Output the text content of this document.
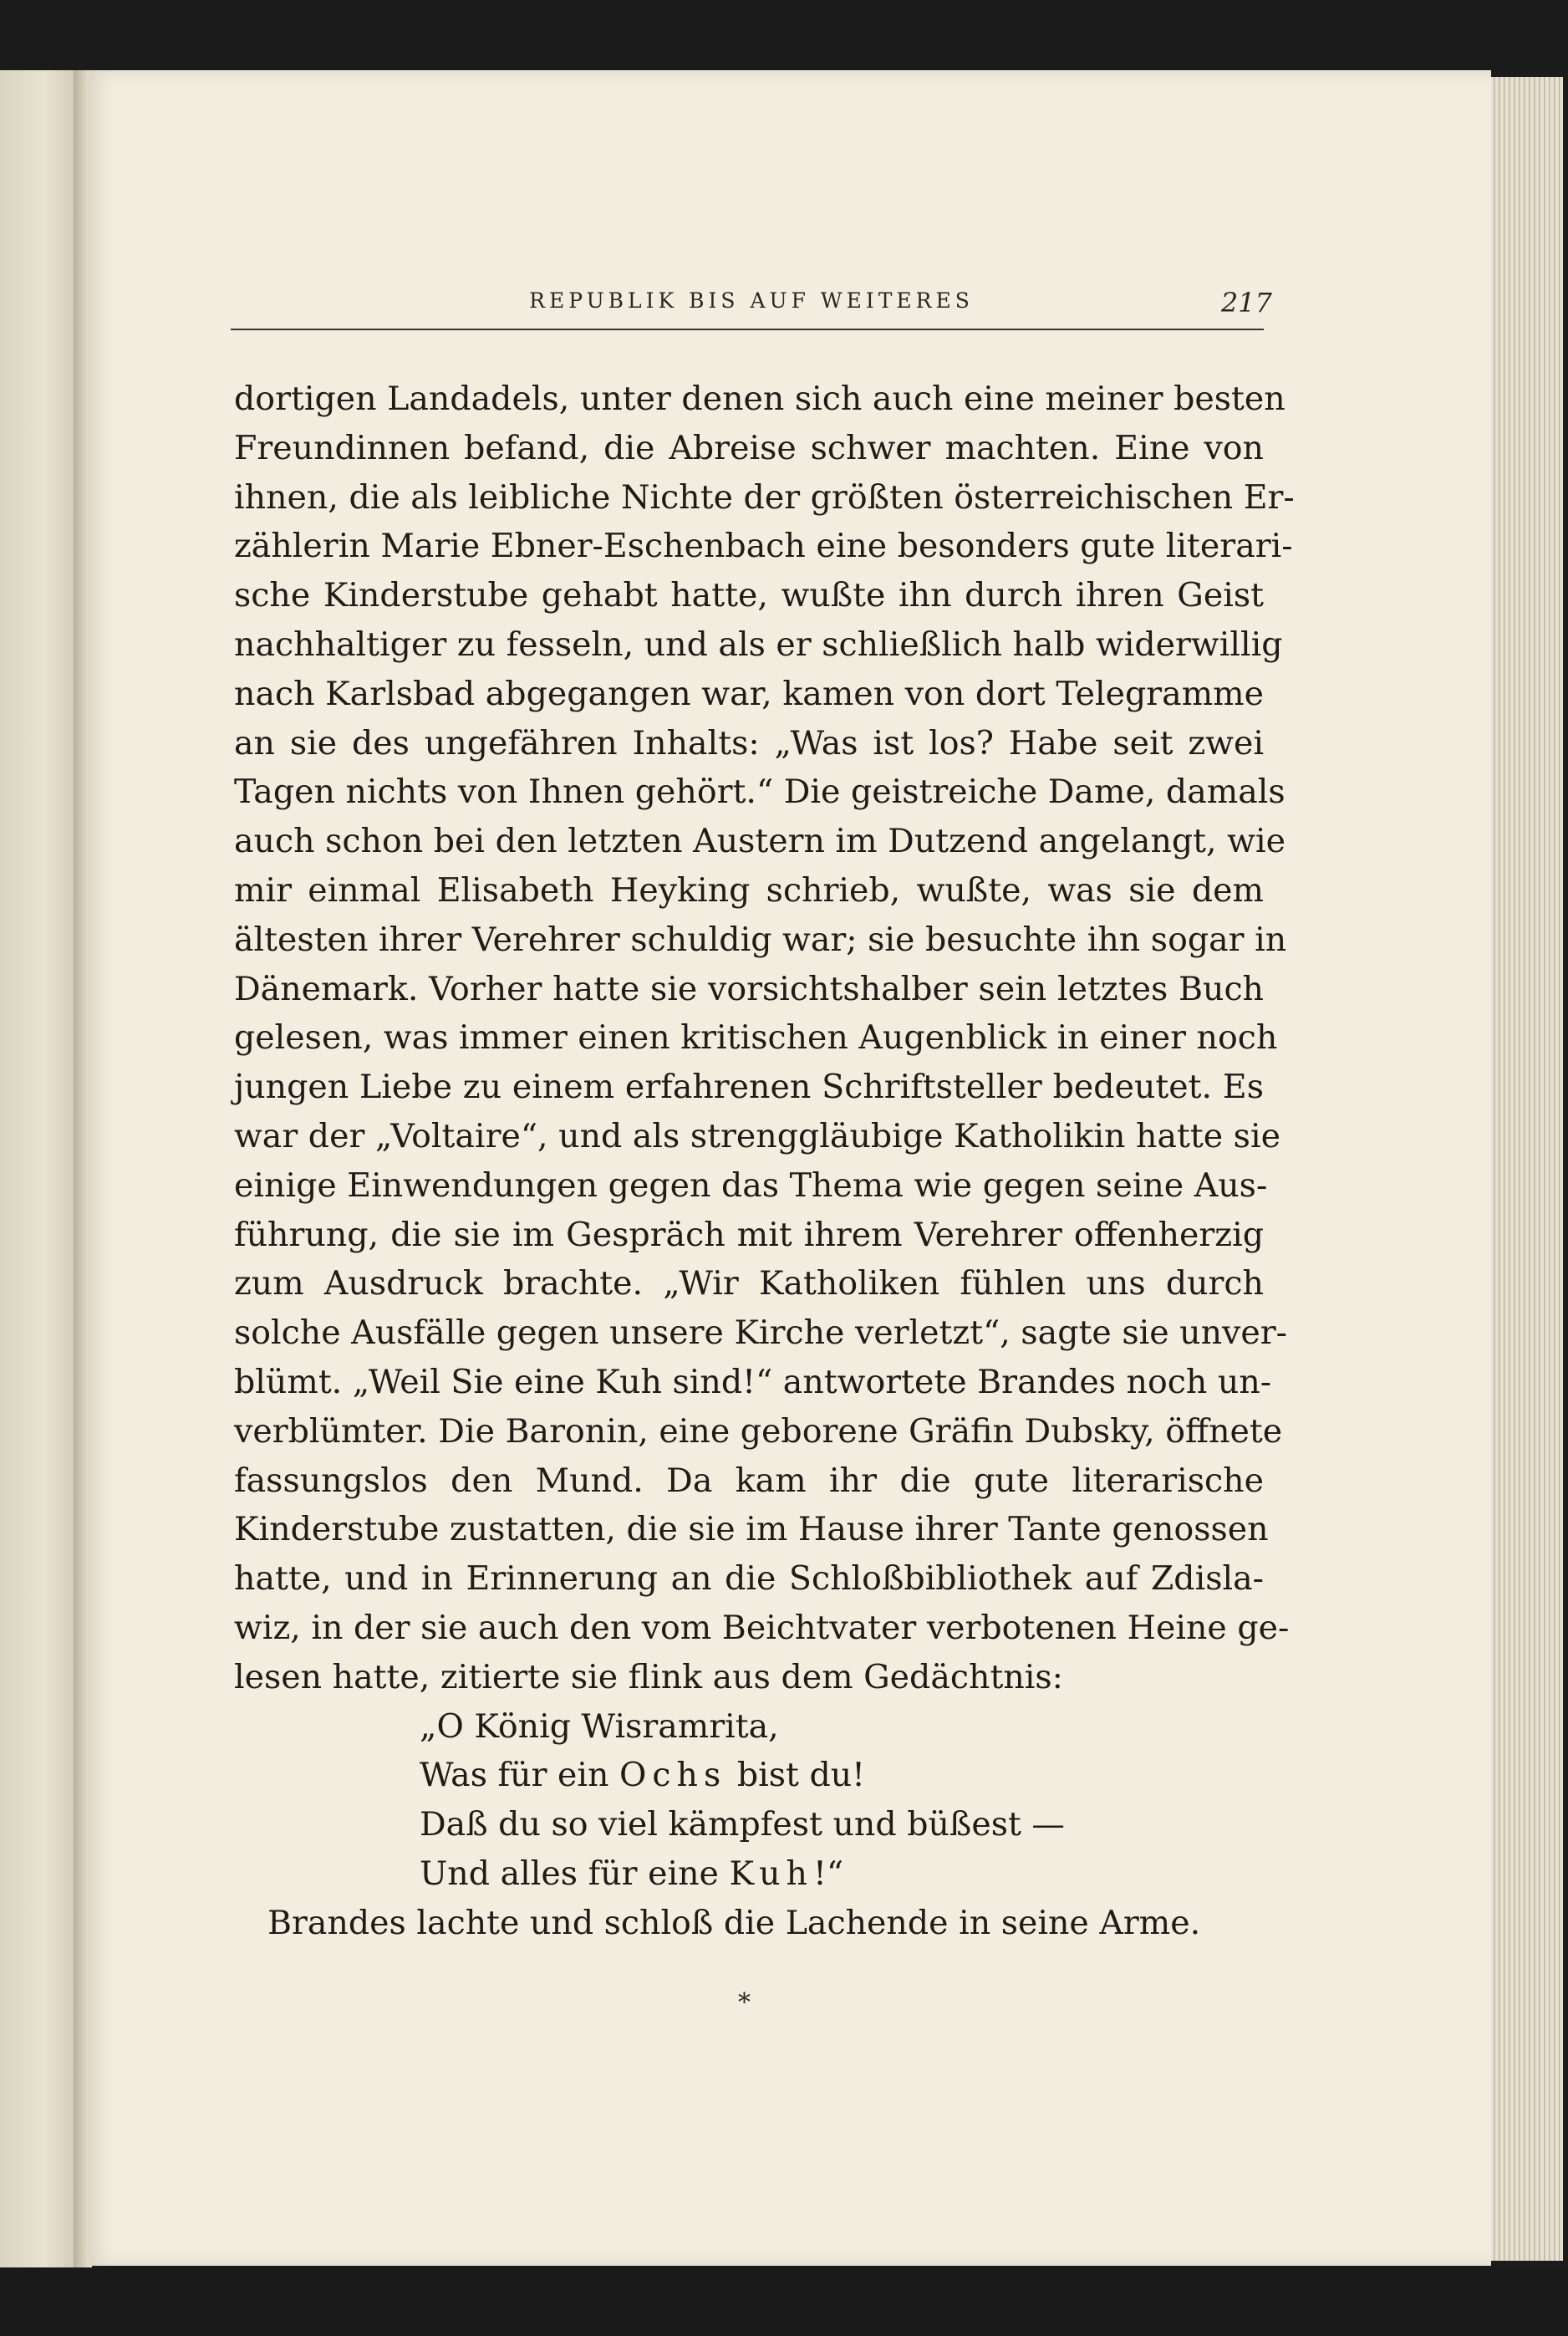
REPUBLIK BIS AUF WEITERES	217
dortigen Landadels, unter denen sich auch eine meiner besten
Freundinnen befand, die Abreise schwer machten. Eine von
ihnen, die als leibliche Nichte der größten österreichischen Er-
zählerin Marie Ebner-Eschenbach eine besonders gute literari-
sche Kinderstube gehabt hatte, wußte ihn durch ihren Geist
nachhaltiger zu fesseln, und als er schließlich halb widerwillig
nach Karlsbad abgegangen war, kamen von dort Telegramme
an sie des ungefähren Inhalts: „Was ist los? Habe seit zwei
Tagen nichts von Ihnen gehört.“ Die geistreiche Dame, damals
auch schon bei den letzten Austern im Dutzend angelangt, wie
mir einmal Elisabeth Heyking schrieb, wußte, was sie dem
ältesten ihrer Verehrer schuldig war; sie besuchte ihn sogar in
Dänemark. Vorher hatte sie vorsichtshalber sein letztes Buch
gelesen, was immer einen kritischen Augenblick in einer noch
jungen Liebe zu einem erfahrenen Schriftsteller bedeutet. Es
war der „Voltaire“, und als strenggläubige Katholikin hatte sie
einige Einwendungen gegen das Thema wie gegen seine Aus-
führung, die sie im Gespräch mit ihrem Verehrer offenherzig
zum Ausdruck brachte. „Wir Katholiken fühlen uns durch
solche Ausfälle gegen unsere Kirche verletzt“, sagte sie unver-
blümt. „Weil Sie eine Kuh sind!“ antwortete Brandes noch un-
verblümter. Die Baronin, eine geborene Gräfin Dubsky, öffnete
fassungslos den Mund. Da kam ihr die gute literarische
Kinderstube zustatten, die sie im Hause ihrer Tante genossen
hatte, und in Erinnerung an die Schloßbibliothek auf Zdisla-
wiz, in der sie auch den vom Beichtvater verbotenen Heine ge-
lesen hatte, zitierte sie flink aus dem Gedächtnis:
„O König Wisramrita,
Was für ein Ochs bist du!
Daß du so viel kämpfest und büßest —
Und alles für eine Kuh!“
Brandes lachte und schloß die Lachende in seine Arme.
*
